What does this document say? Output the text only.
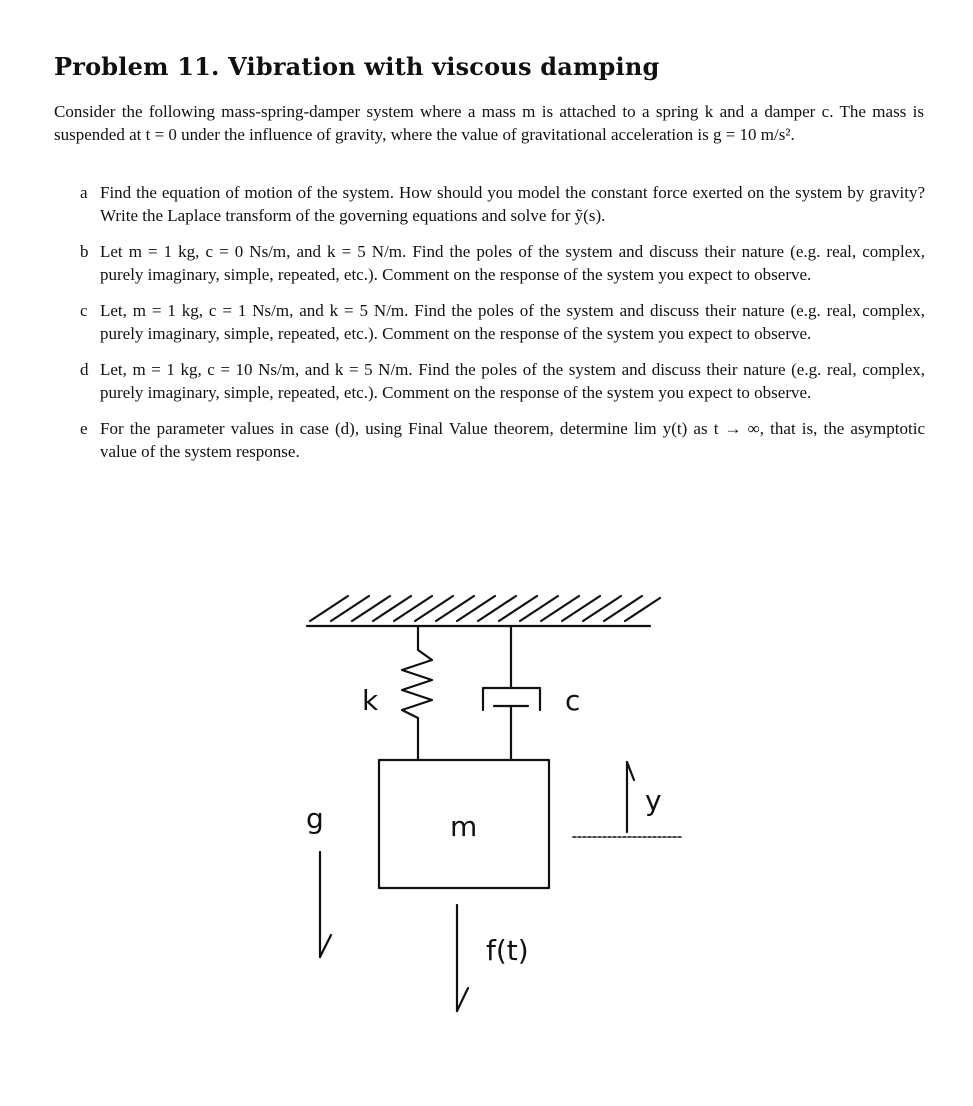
Problem 11. Vibration with viscous damping

Consider the following mass-spring-damper system where a mass m is attached to a spring k and a damper c. The mass is suspended at t = 0 under the influence of gravity, where the value of gravitational acceleration is g = 10 m/s².

a Find the equation of motion of the system. How should you model the constant force exerted on the system by gravity? Write the Laplace transform of the governing equations and solve for ỹ(s).
b Let m = 1 kg, c = 0 Ns/m, and k = 5 N/m. Find the poles of the system and discuss their nature (e.g. real, complex, purely imaginary, simple, repeated, etc.). Comment on the response of the system you expect to observe.
c Let, m = 1 kg, c = 1 Ns/m, and k = 5 N/m. Find the poles of the system and discuss their nature (e.g. real, complex, purely imaginary, simple, repeated, etc.). Comment on the response of the system you expect to observe.
d Let, m = 1 kg, c = 10 Ns/m, and k = 5 N/m. Find the poles of the system and discuss their nature (e.g. real, complex, purely imaginary, simple, repeated, etc.). Comment on the response of the system you expect to observe.
e For the parameter values in case (d), using Final Value theorem, determine lim y(t) as t → ∞, that is, the asymptotic value of the system response.
k	c
m
g
f(t)
y
